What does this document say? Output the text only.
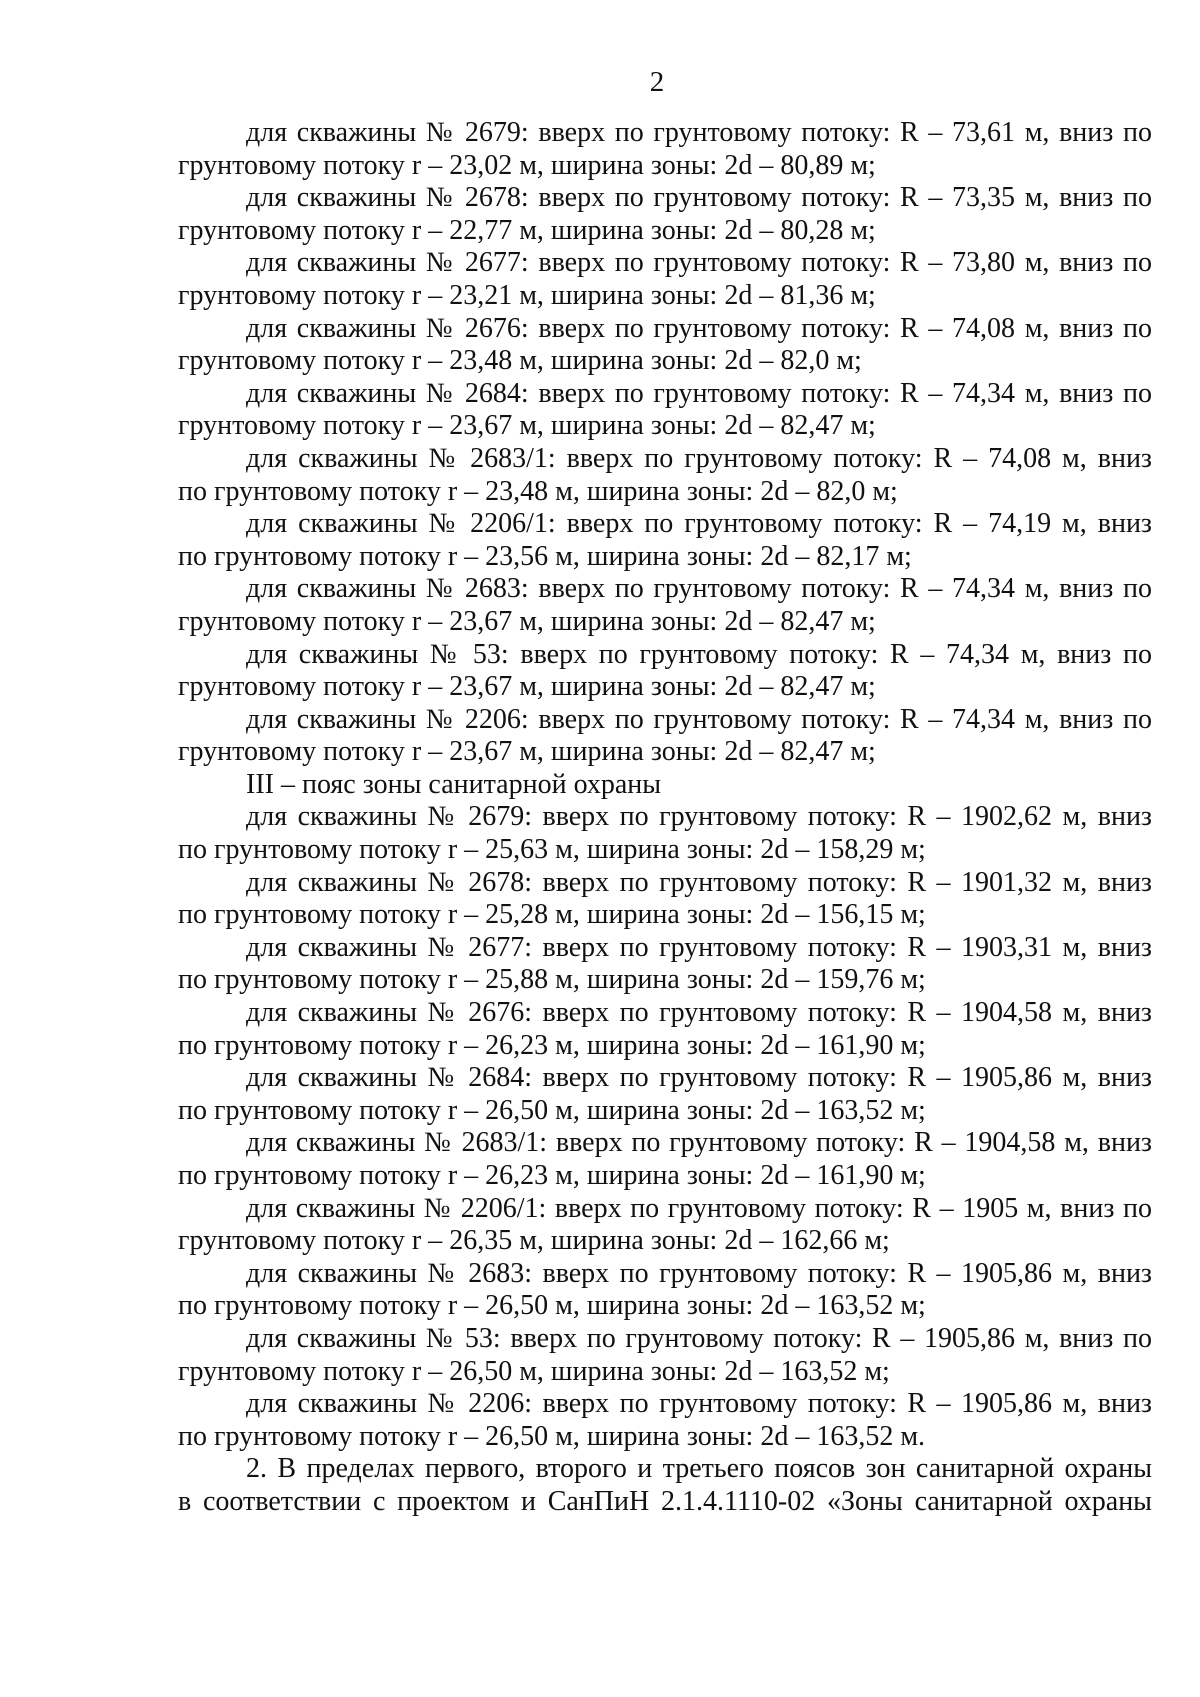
2
для скважины № 2679: вверх по грунтовому потоку: R – 73,61 м, вниз по
грунтовому потоку r – 23,02 м, ширина зоны: 2d – 80,89 м;
для скважины № 2678: вверх по грунтовому потоку: R – 73,35 м, вниз по
грунтовому потоку r – 22,77 м, ширина зоны: 2d – 80,28 м;
для скважины № 2677: вверх по грунтовому потоку: R – 73,80 м, вниз по
грунтовому потоку r – 23,21 м, ширина зоны: 2d – 81,36 м;
для скважины № 2676: вверх по грунтовому потоку: R – 74,08 м, вниз по
грунтовому потоку r – 23,48 м, ширина зоны: 2d – 82,0 м;
для скважины № 2684: вверх по грунтовому потоку: R – 74,34 м, вниз по
грунтовому потоку r – 23,67 м, ширина зоны: 2d – 82,47 м;
для скважины № 2683/1: вверх по грунтовому потоку: R – 74,08 м, вниз
по грунтовому потоку r – 23,48 м, ширина зоны: 2d – 82,0 м;
для скважины № 2206/1: вверх по грунтовому потоку: R – 74,19 м, вниз
по грунтовому потоку r – 23,56 м, ширина зоны: 2d – 82,17 м;
для скважины № 2683: вверх по грунтовому потоку: R – 74,34 м, вниз по
грунтовому потоку r – 23,67 м, ширина зоны: 2d – 82,47 м;
для скважины № 53: вверх по грунтовому потоку: R – 74,34 м, вниз по
грунтовому потоку r – 23,67 м, ширина зоны: 2d – 82,47 м;
для скважины № 2206: вверх по грунтовому потоку: R – 74,34 м, вниз по
грунтовому потоку r – 23,67 м, ширина зоны: 2d – 82,47 м;
III – пояс зоны санитарной охраны
для скважины № 2679: вверх по грунтовому потоку: R – 1902,62 м, вниз
по грунтовому потоку r – 25,63 м, ширина зоны: 2d – 158,29 м;
для скважины № 2678: вверх по грунтовому потоку: R – 1901,32 м, вниз
по грунтовому потоку r – 25,28 м, ширина зоны: 2d – 156,15 м;
для скважины № 2677: вверх по грунтовому потоку: R – 1903,31 м, вниз
по грунтовому потоку r – 25,88 м, ширина зоны: 2d – 159,76 м;
для скважины № 2676: вверх по грунтовому потоку: R – 1904,58 м, вниз
по грунтовому потоку r – 26,23 м, ширина зоны: 2d – 161,90 м;
для скважины № 2684: вверх по грунтовому потоку: R – 1905,86 м, вниз
по грунтовому потоку r – 26,50 м, ширина зоны: 2d – 163,52 м;
для скважины № 2683/1: вверх по грунтовому потоку: R – 1904,58 м, вниз
по грунтовому потоку r – 26,23 м, ширина зоны: 2d – 161,90 м;
для скважины № 2206/1: вверх по грунтовому потоку: R – 1905 м, вниз по
грунтовому потоку r – 26,35 м, ширина зоны: 2d – 162,66 м;
для скважины № 2683: вверх по грунтовому потоку: R – 1905,86 м, вниз
по грунтовому потоку r – 26,50 м, ширина зоны: 2d – 163,52 м;
для скважины № 53: вверх по грунтовому потоку: R – 1905,86 м, вниз по
грунтовому потоку r – 26,50 м, ширина зоны: 2d – 163,52 м;
для скважины № 2206: вверх по грунтовому потоку: R – 1905,86 м, вниз
по грунтовому потоку r – 26,50 м, ширина зоны: 2d – 163,52 м.
2. В пределах первого, второго и третьего поясов зон санитарной охраны
в соответствии с проектом и СанПиН 2.1.4.1110-02 «Зоны санитарной охраны
